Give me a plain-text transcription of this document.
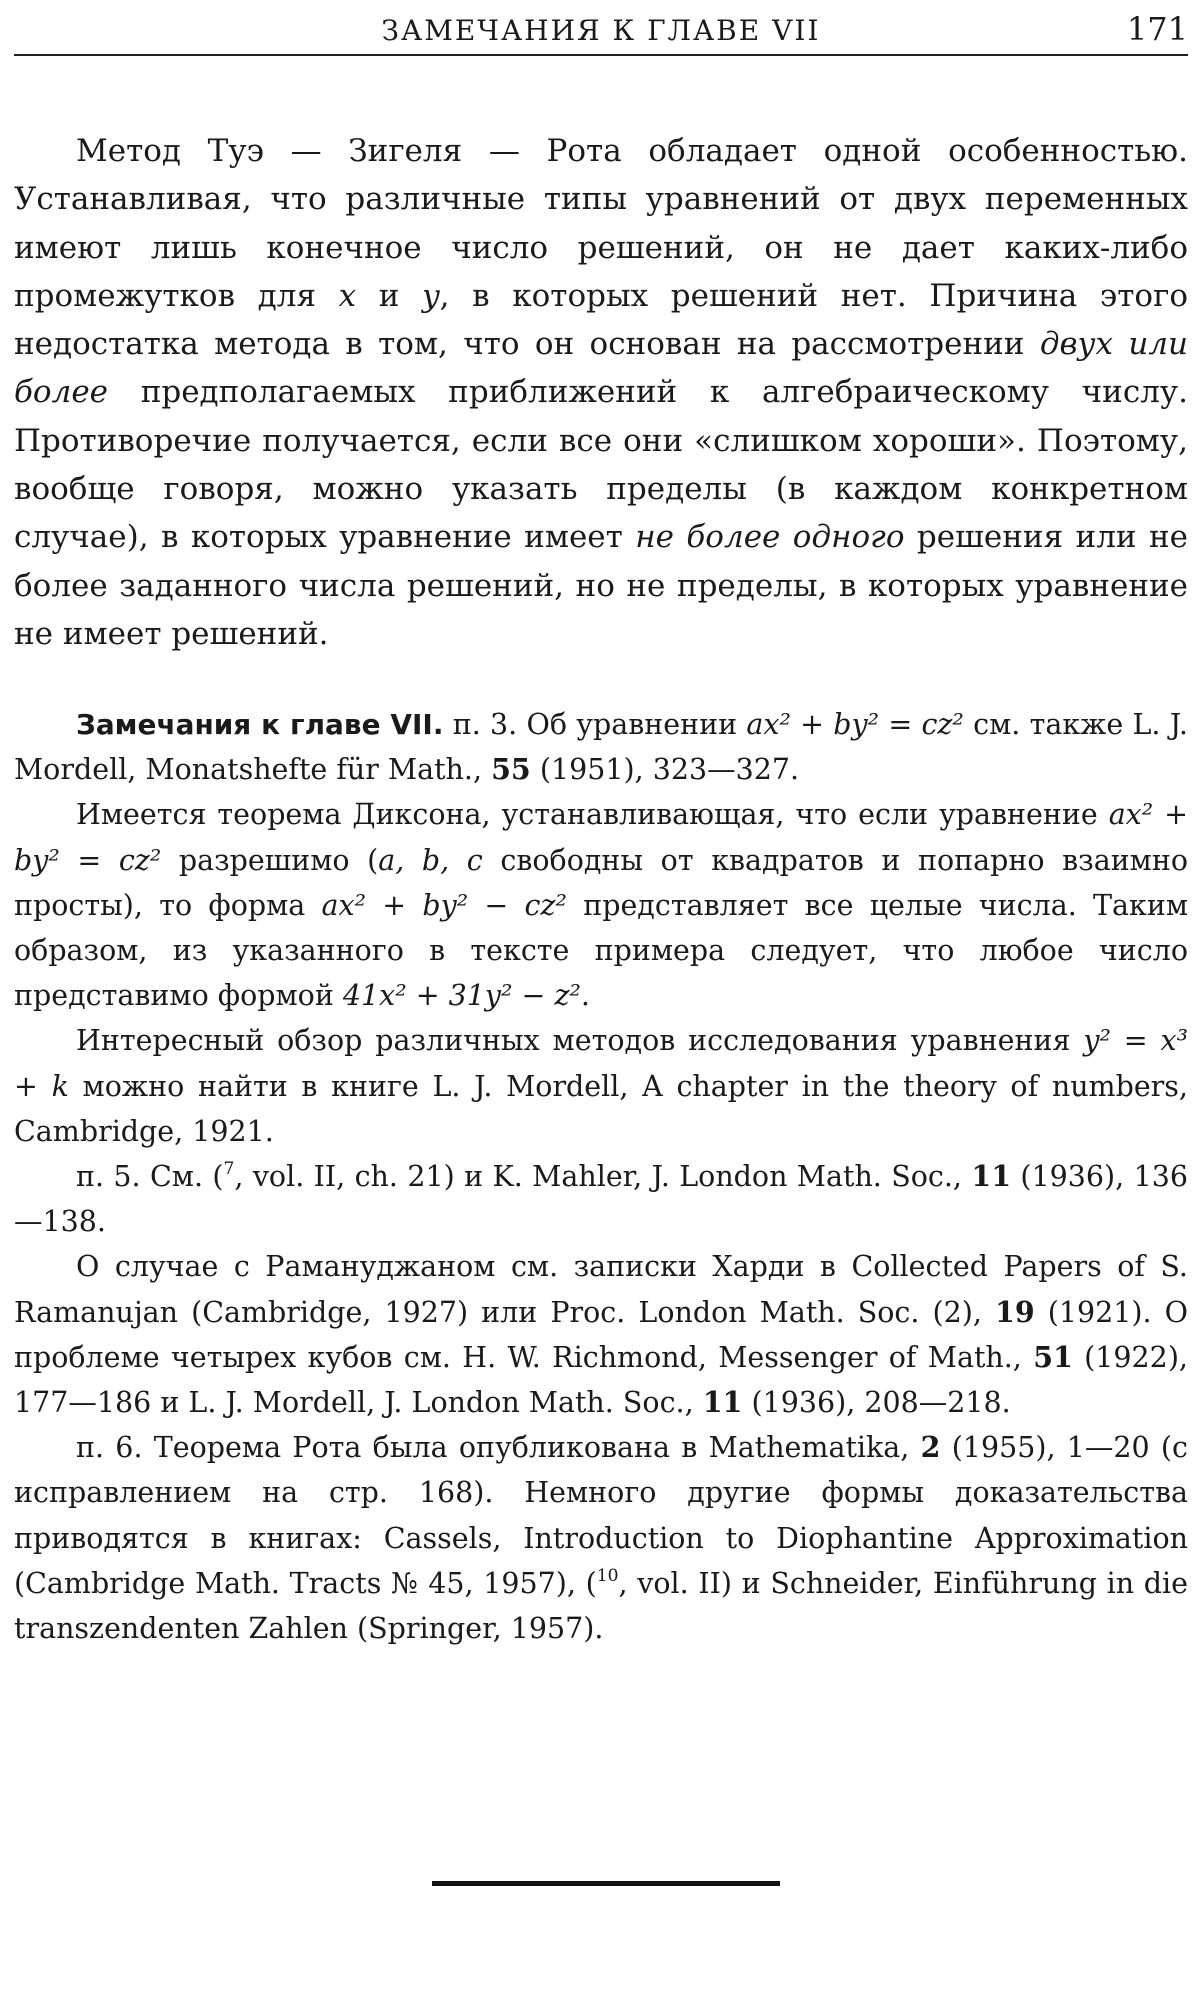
ЗАМЕЧАНИЯ К ГЛАВЕ VII	171

Метод Туэ — Зигеля — Рота обладает одной особенностью. Устанавливая, что различные типы уравнений от двух переменных имеют лишь конечное число решений, он не дает каких-либо промежутков для x и y, в которых решений нет. Причина этого недостатка метода в том, что он основан на рассмотрении двух или более предполагаемых приближений к алгебраическому числу. Противоречие получается, если все они «слишком хороши». Поэтому, вообще говоря, можно указать пределы (в каждом конкретном случае), в которых уравнение имеет не более одного решения или не более заданного числа решений, но не пределы, в которых уравнение не имеет решений.

Замечания к главе VII. п. 3. Об уравнении ax² + by² = cz² см. также L. J. Mordell, Monatshefte für Math., 55 (1951), 323—327.

Имеется теорема Диксона, устанавливающая, что если уравнение ax² + by² = cz² разрешимо (a, b, c свободны от квадратов и попарно взаимно просты), то форма ax² + by² − cz² представляет все целые числа. Таким образом, из указанного в тексте примера следует, что любое число представимо формой 41x² + 31y² − z².

Интересный обзор различных методов исследования уравнения y² = x³ + k можно найти в книге L. J. Mordell, A chapter in the theory of numbers, Cambridge, 1921.

п. 5. См. ($^7$, vol. II, ch. 21) и K. Mahler, J. London Math. Soc., 11 (1936), 136—138.

О случае с Рамануджаном см. записки Харди в Collected Papers of S. Ramanujan (Cambridge, 1927) или Proc. London Math. Soc. (2), 19 (1921). О проблеме четырех кубов см. H. W. Richmond, Messenger of Math., 51 (1922), 177—186 и L. J. Mordell, J. London Math. Soc., 11 (1936), 208—218.

п. 6. Теорема Рота была опубликована в Mathematika, 2 (1955), 1—20 (с исправлением на стр. 168). Немного другие формы доказательства приводятся в книгах: Cassels, Introduction to Diophantine Approximation (Cambridge Math. Tracts № 45, 1957), ($^{10}$, vol. II) и Schneider, Einführung in die transzendenten Zahlen (Springer, 1957).
